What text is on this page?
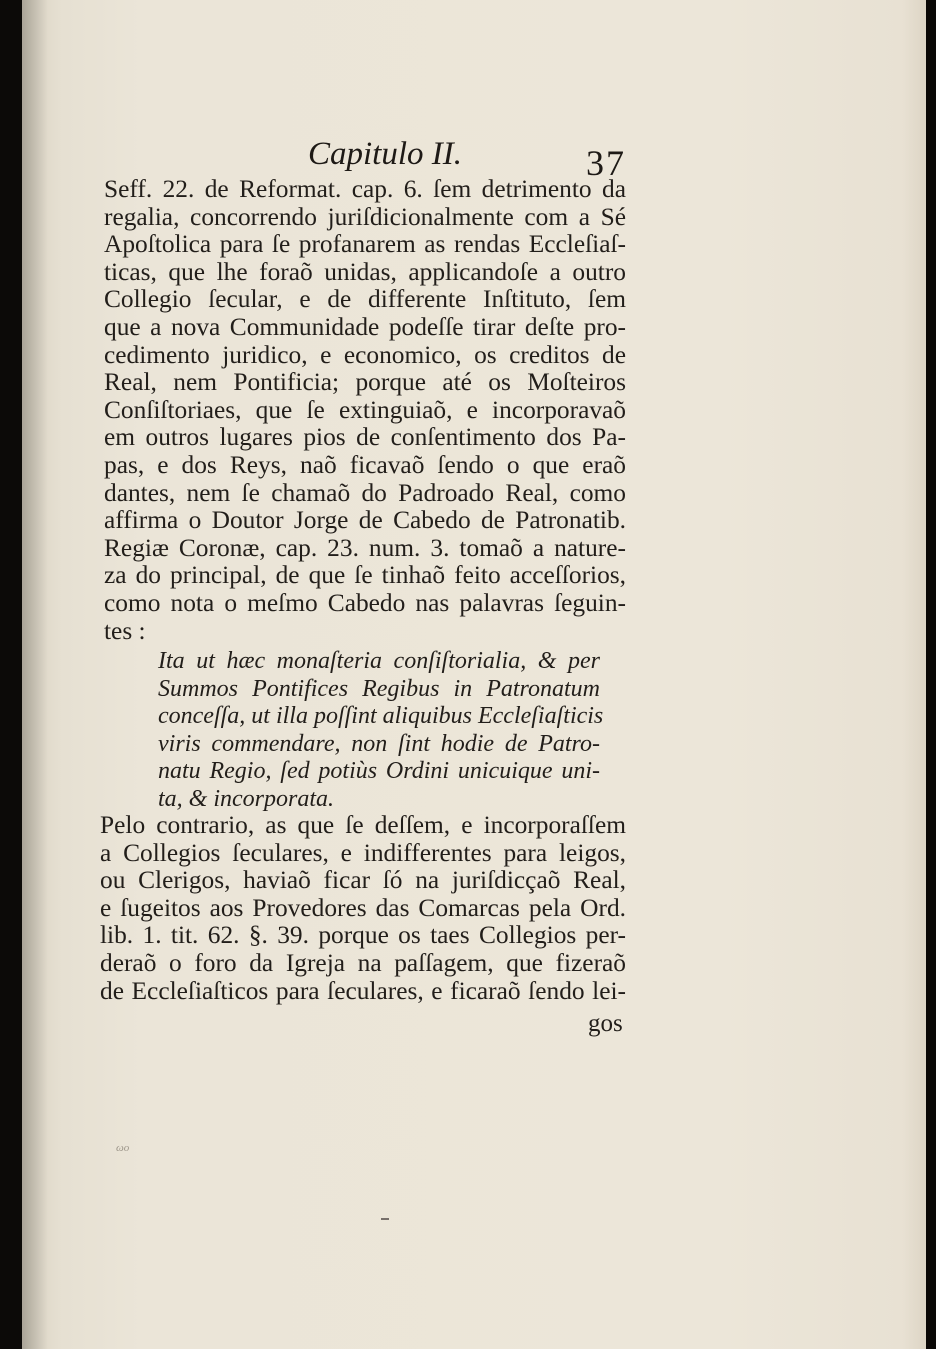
Capitulo II.	37
Seff. 22. de Reformat. cap. 6. ſem detrimento da
regalia, concorrendo juriſdicionalmente com a Sé
Apoſtolica para ſe profanarem as rendas Eccleſiaſ-
ticas, que lhe foraõ unidas, applicandoſe a outro
Collegio ſecular, e de differente Inſtituto, ſem
que a nova Communidade podeſſe tirar deſte pro-
cedimento juridico, e economico, os creditos de
Real, nem Pontificia; porque até os Moſteiros
Conſiſtoriaes, que ſe extinguiaõ, e incorporavaõ
em outros lugares pios de conſentimento dos Pa-
pas, e dos Reys, naõ ficavaõ ſendo o que eraõ
dantes, nem ſe chamaõ do Padroado Real, como
affirma o Doutor Jorge de Cabedo de Patronatib.
Regiæ Coronæ, cap. 23. num. 3. tomaõ a nature-
za do principal, de que ſe tinhaõ feito acceſſorios,
como nota o meſmo Cabedo nas palavras ſeguin-
tes :
Ita ut hæc monaſteria conſiſtorialia, & per
Summos Pontifices Regibus in Patronatum
conceſſa, ut illa poſſint aliquibus Eccleſiaſticis
viris commendare, non ſint hodie de Patro-
natu Regio, ſed potiùs Ordini unicuique uni-
ta, & incorporata.
Pelo contrario, as que ſe deſſem, e incorporaſſem
a Collegios ſeculares, e indifferentes para leigos,
ou Clerigos, haviaõ ficar ſó na juriſdicçaõ Real,
e ſugeitos aos Provedores das Comarcas pela Ord.
lib. 1. tit. 62. §. 39. porque os taes Collegios per-
deraõ o foro da Igreja na paſſagem, que fizeraõ
de Eccleſiaſticos para ſeculares, e ficaraõ ſendo lei-
gos
ωo
